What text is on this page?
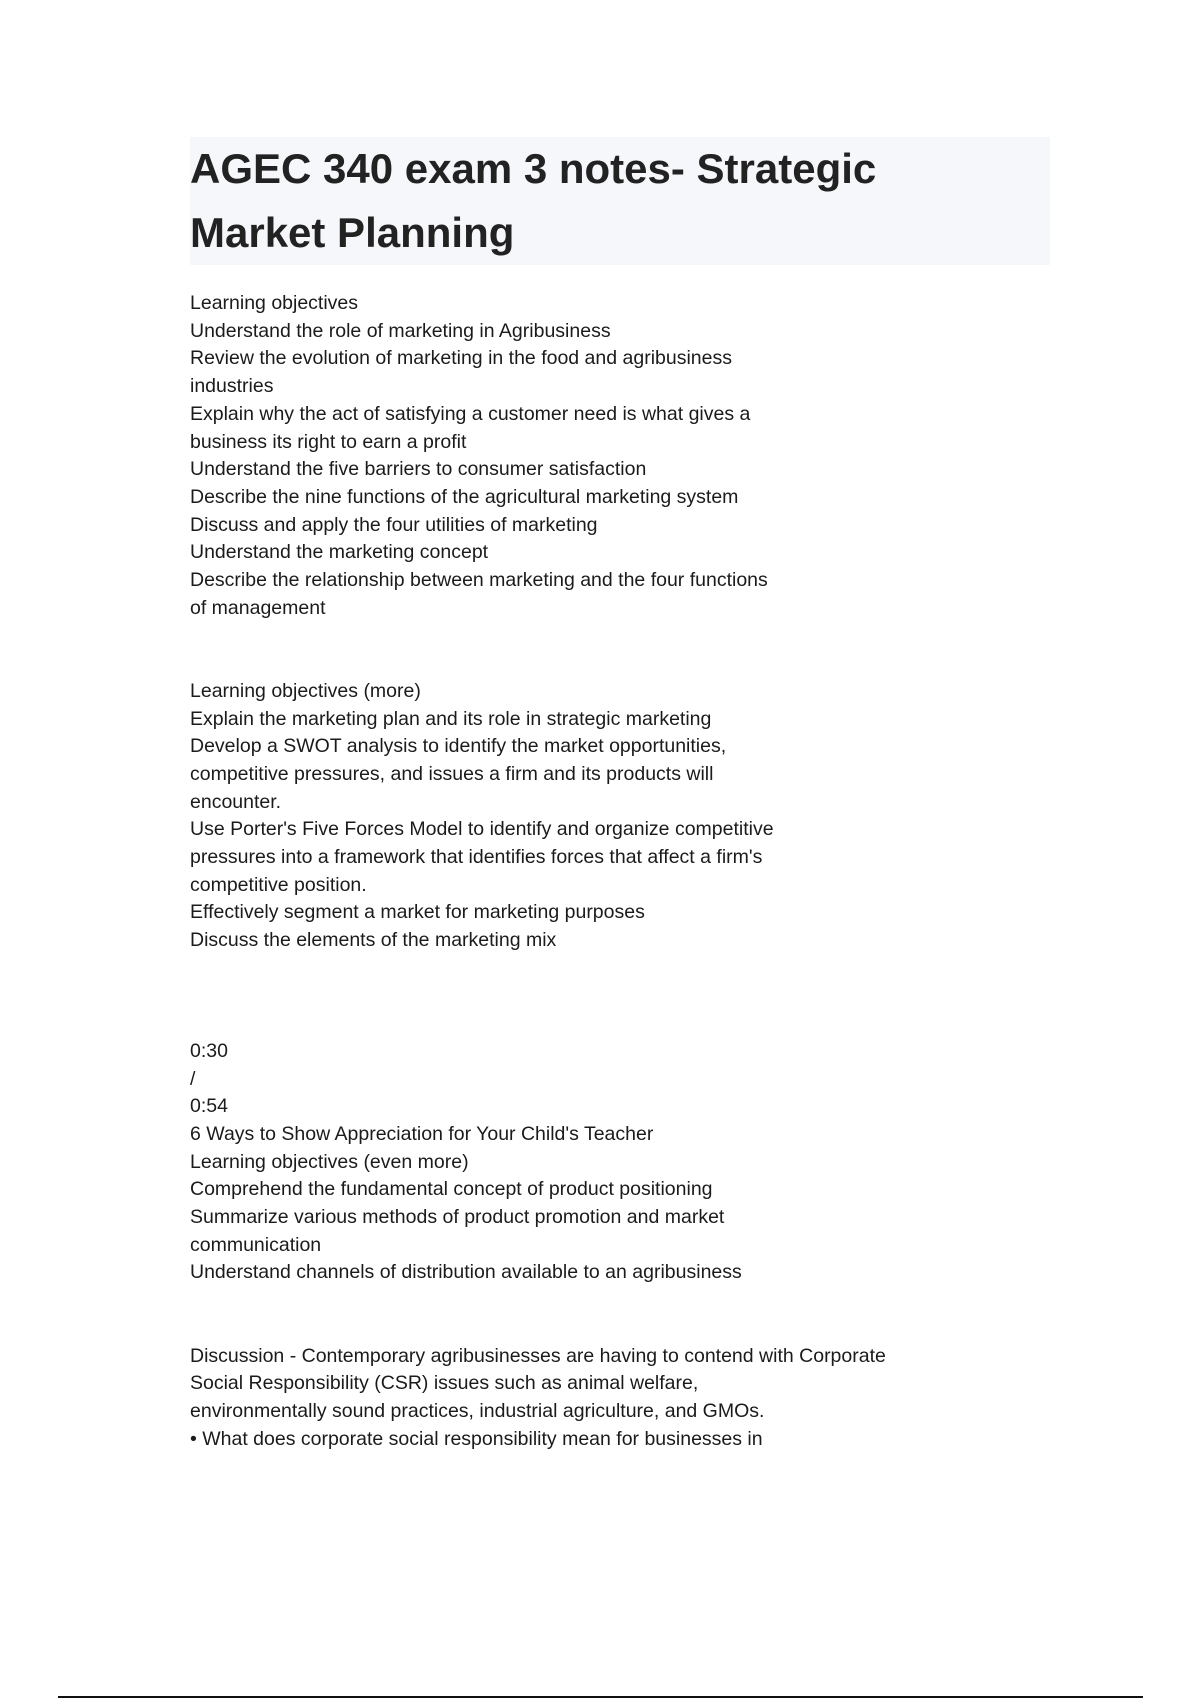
AGEC 340 exam 3 notes- Strategic
Market Planning
Learning objectives
Understand the role of marketing in Agribusiness
Review the evolution of marketing in the food and agribusiness
industries
Explain why the act of satisfying a customer need is what gives a
business its right to earn a profit
Understand the five barriers to consumer satisfaction
Describe the nine functions of the agricultural marketing system
Discuss and apply the four utilities of marketing
Understand the marketing concept
Describe the relationship between marketing and the four functions
of management
Learning objectives (more)
Explain the marketing plan and its role in strategic marketing
Develop a SWOT analysis to identify the market opportunities,
competitive pressures, and issues a firm and its products will
encounter.
Use Porter's Five Forces Model to identify and organize competitive
pressures into a framework that identifies forces that affect a firm's
competitive position.
Effectively segment a market for marketing purposes
Discuss the elements of the marketing mix
0:30
/
0:54
6 Ways to Show Appreciation for Your Child's Teacher
Learning objectives (even more)
Comprehend the fundamental concept of product positioning
Summarize various methods of product promotion and market
communication
Understand channels of distribution available to an agribusiness
Discussion - Contemporary agribusinesses are having to contend with Corporate
Social Responsibility (CSR) issues such as animal welfare,
environmentally sound practices, industrial agriculture, and GMOs.
• What does corporate social responsibility mean for businesses in
